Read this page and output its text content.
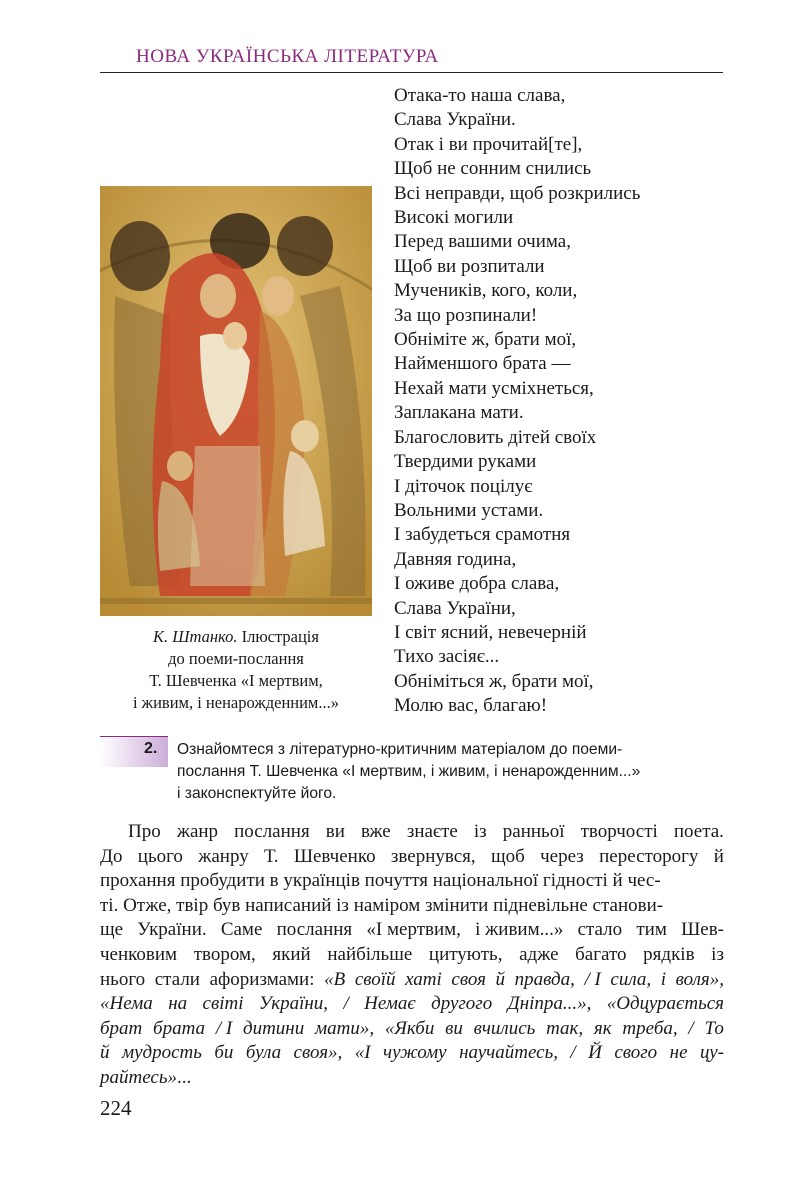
НОВА УКРАЇНСЬКА ЛІТЕРАТУРА
К. Штанко. Ілюстрація
до поеми-послання
Т. Шевченка «І мертвим,
і живим, і ненарожденним...»
Отака-то наша слава,
Слава України.
Отак і ви прочитай[те],
Щоб не сонним снились
Всі неправди, щоб розкрились
Високі могили
Перед вашими очима,
Щоб ви розпитали
Мучеників, кого, коли,
За що розпинали!
Обніміте ж, брати мої,
Найменшого брата —
Нехай мати усміхнеться,
Заплакана мати.
Благословить дітей своїх
Твердими руками
І діточок поцілує
Вольними устами.
І забудеться срамотня
Давняя година,
І оживе добра слава,
Слава України,
І світ ясний, невечерній
Тихо засіяє...
Обніміться ж, брати мої,
Молю вас, благаю!
2. Ознайомтеся з літературно-критичним матеріалом до поеми-
послання Т. Шевченка «І мертвим, і живим, і ненарожденним...»
і законспектуйте його.
Про жанр послання ви вже знаєте із ранньої творчості поета.
До цього жанру Т. Шевченко звернувся, щоб через пересторогу й
прохання пробудити в українців почуття національної гідності й чес-
ті. Отже, твір був написаний із наміром змінити підневільне станови-
ще України. Саме послання «І мертвим, і живим...» стало тим Шев-
ченковим твором, який найбільше цитують, адже багато рядків із
нього стали афоризмами: «В своїй хаті своя й правда, / І сила, і воля»,
«Нема на світі України, / Немає другого Дніпра...», «Одцурається
брат брата / І дитини мати», «Якби ви вчились так, як треба, / То
й мудрость би була своя», «І чужому научайтесь, / Й свого не цу-
райтесь» ...
224
